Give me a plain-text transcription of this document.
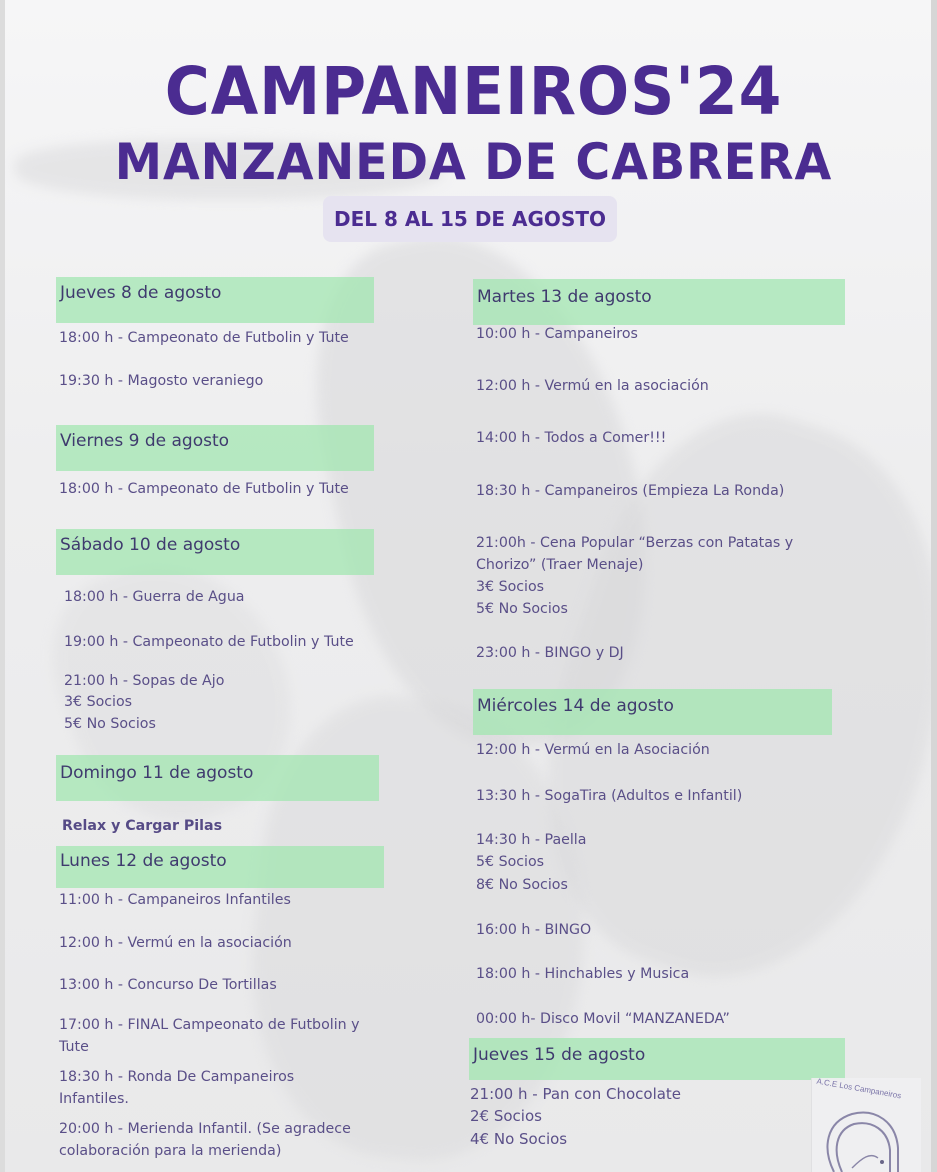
CAMPANEIROS'24
MANZANEDA DE CABRERA
DEL 8 AL 15 DE AGOSTO
Jueves 8 de agosto
18:00 h - Campeonato de Futbolin y Tute
19:30 h - Magosto veraniego
Viernes 9 de agosto
18:00 h - Campeonato de Futbolin y Tute
Sábado 10 de agosto
18:00 h - Guerra de Agua
19:00 h - Campeonato de Futbolin y Tute
21:00 h - Sopas de Ajo
3€ Socios
5€ No Socios
Domingo 11 de agosto
Relax y Cargar Pilas
Lunes 12 de agosto
11:00 h - Campaneiros Infantiles
12:00 h - Vermú en la asociación
13:00 h - Concurso De Tortillas
17:00 h - FINAL Campeonato de Futbolin y Tute
18:30 h - Ronda De Campaneiros Infantiles.
20:00 h - Merienda Infantil. (Se agradece colaboración para la merienda)
Martes 13 de agosto
10:00 h - Campaneiros
12:00 h - Vermú en la asociación
14:00 h - Todos a Comer!!!
18:30 h - Campaneiros (Empieza La Ronda)
21:00h - Cena Popular “Berzas con Patatas y Chorizo” (Traer Menaje)
3€ Socios
5€ No Socios
23:00 h - BINGO y DJ
Miércoles 14 de agosto
12:00 h - Vermú en la Asociación
13:30 h - SogaTira (Adultos e Infantil)
14:30 h - Paella
5€ Socios
8€ No Socios
16:00 h - BINGO
18:00 h - Hinchables y Musica
00:00 h- Disco Movil “MANZANEDA”
Jueves 15 de agosto
21:00 h - Pan con Chocolate
2€ Socios
4€ No Socios
A.C.E Los Campaneiros
